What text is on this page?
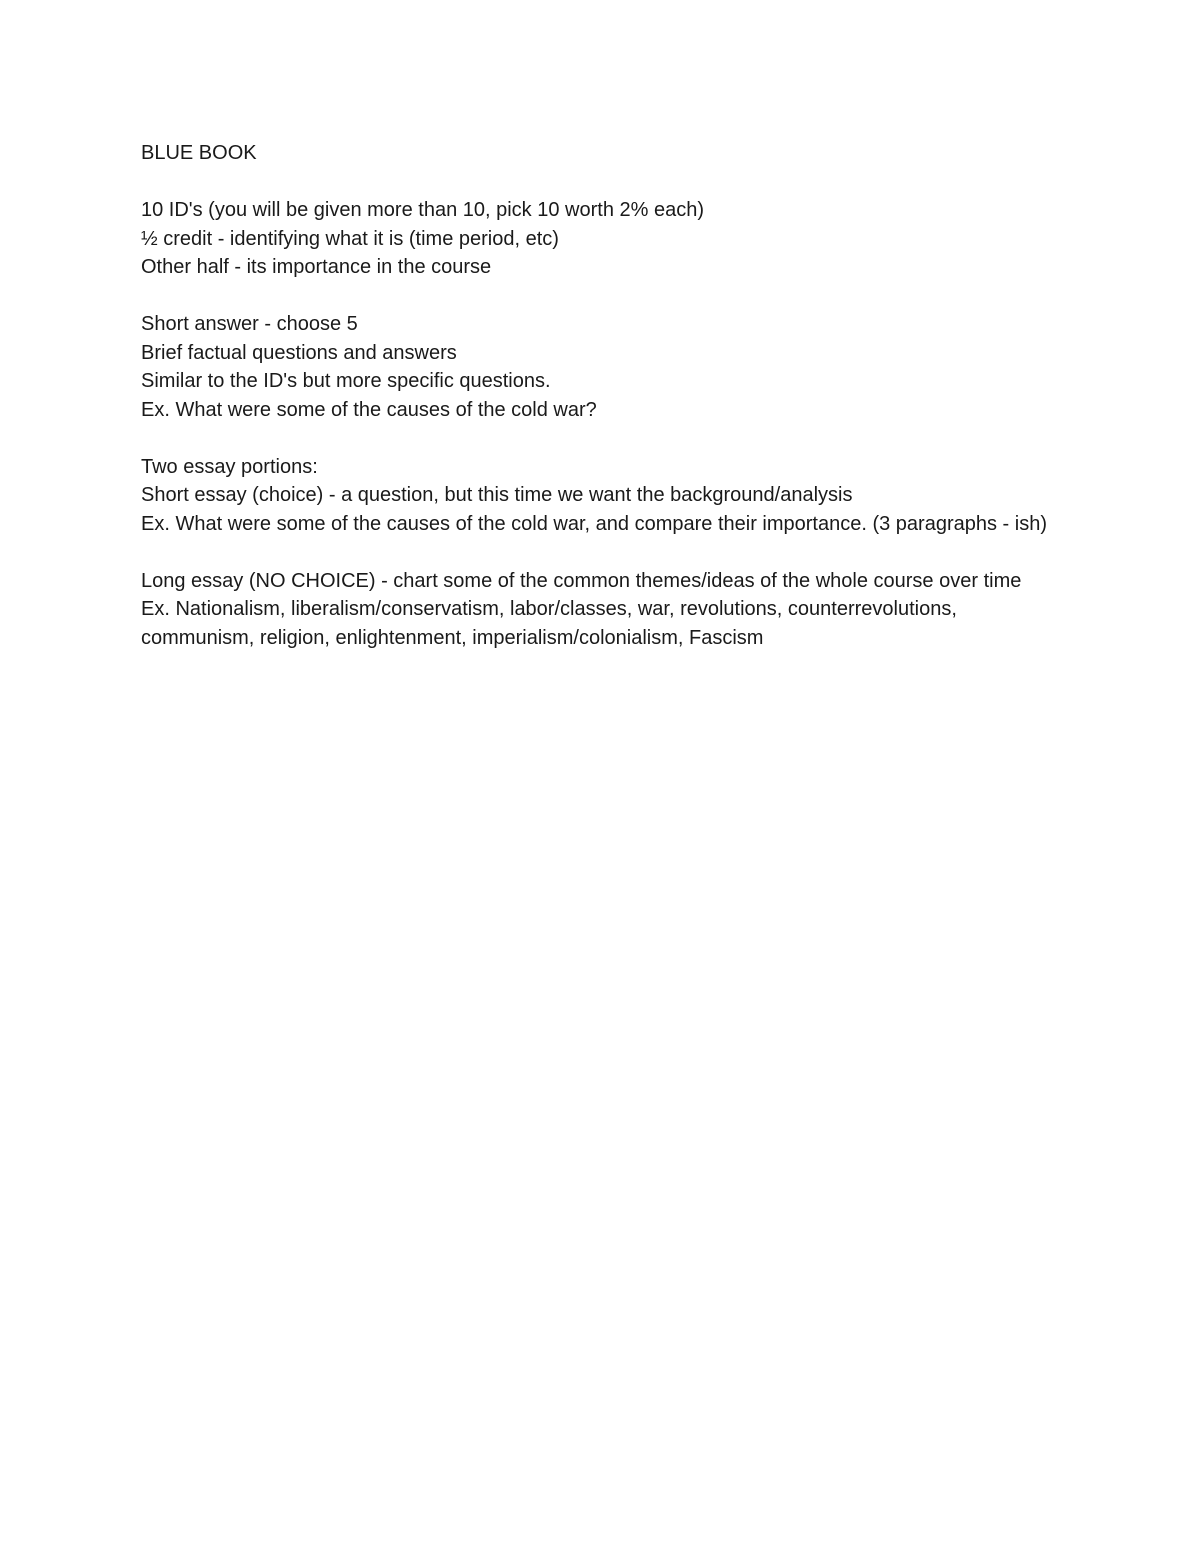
BLUE BOOK

10 ID's (you will be given more than 10, pick 10 worth 2% each)

½ credit - identifying what it is (time period, etc)

Other half - its importance in the course

Short answer - choose 5

Brief factual questions and answers

Similar to the ID's but more specific questions.

Ex. What were some of the causes of the cold war?

Two essay portions:

Short essay (choice) - a question, but this time we want the background/analysis

Ex. What were some of the causes of the cold war, and compare their importance. (3 paragraphs - ish)

Long essay (NO CHOICE) - chart some of the common themes/ideas of the whole course over time

Ex. Nationalism, liberalism/conservatism, labor/classes, war, revolutions, counterrevolutions, communism, religion, enlightenment, imperialism/colonialism, Fascism
